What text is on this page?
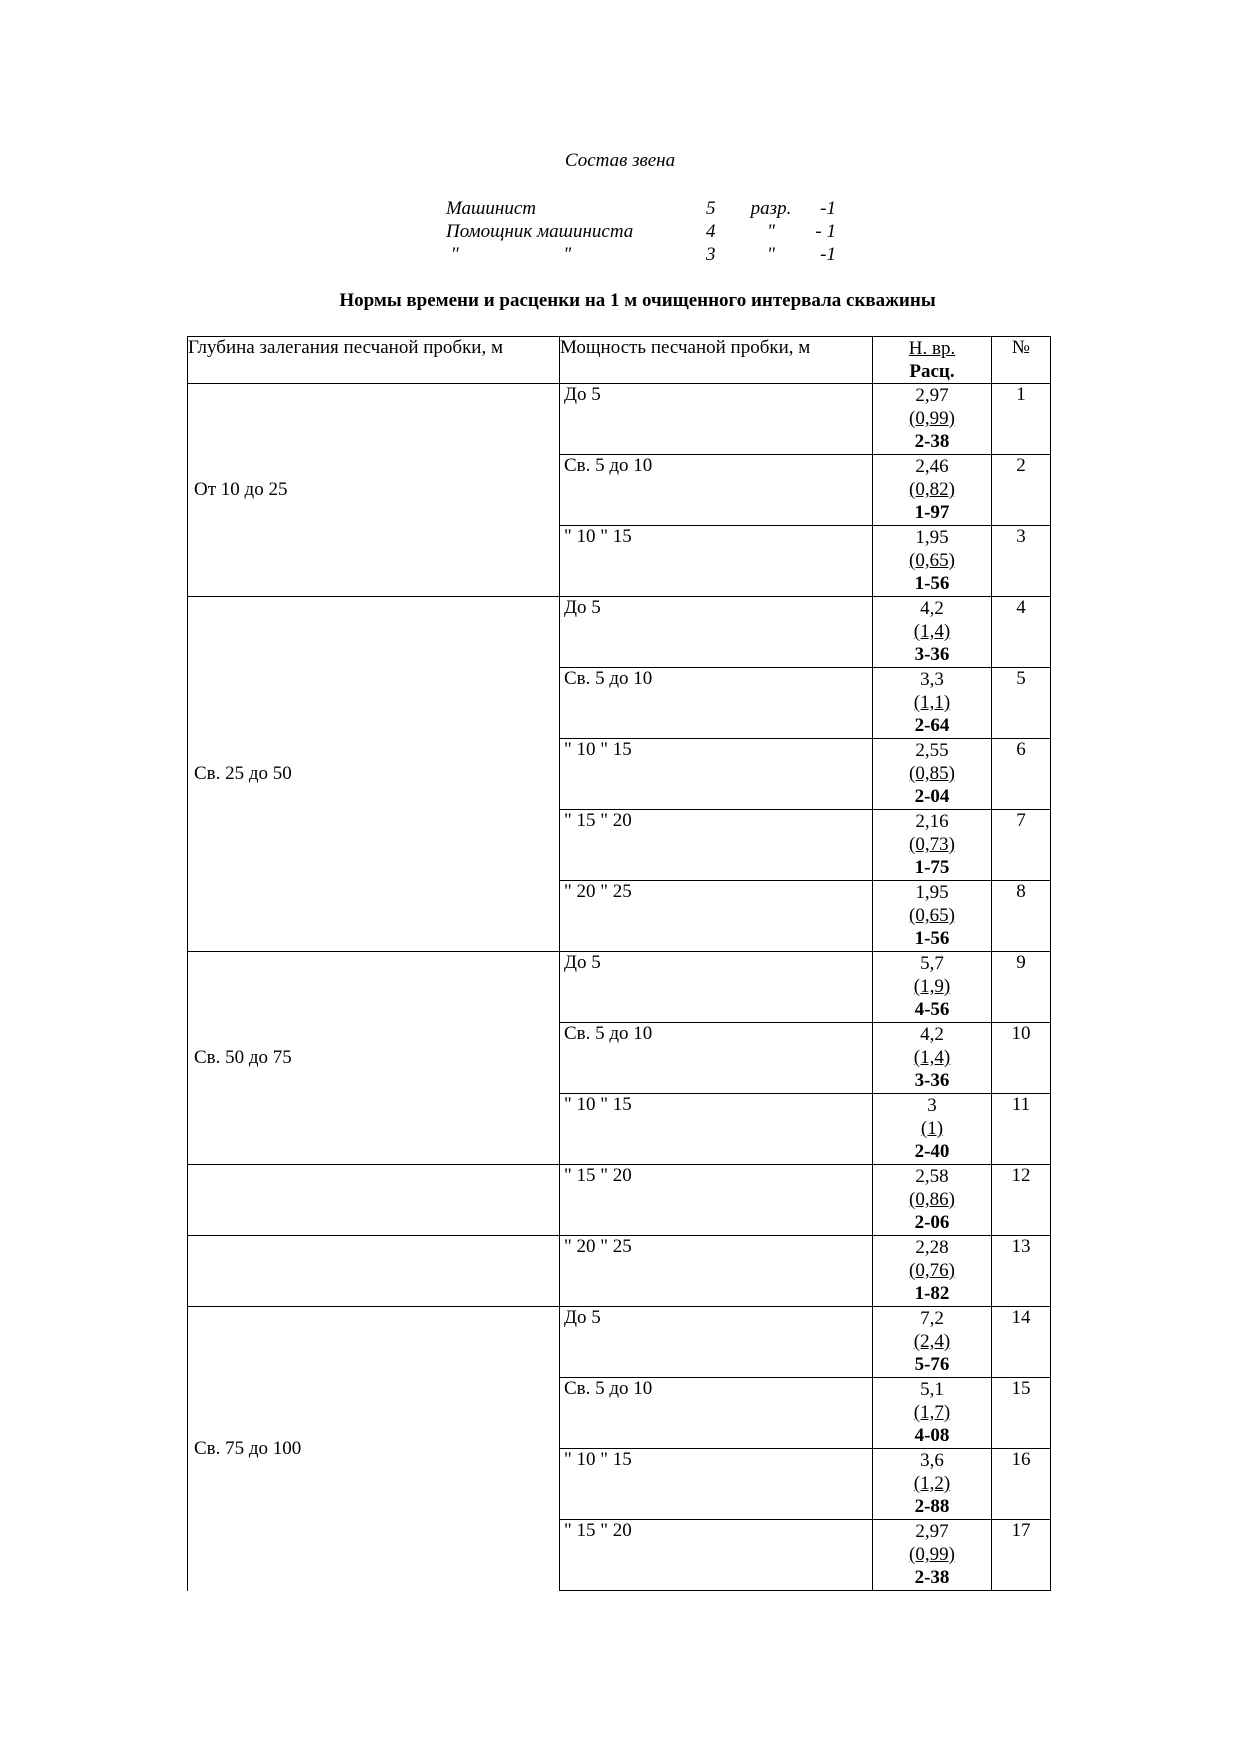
Состав звена
Машинист	5	разр.	-1
Помощник машиниста	4	"	- 1
"                      "	3	"	-1
Нормы времени и расценки на 1 м очищенного интервала скважины
Глубина залегания песчаной пробки, м	Мощность песчаной пробки, м	Н. вр.
Расц.	№
От 10 до 25	До 5	2,97
(0,99)
2-38	1
	Св. 5 до 10	2,46
(0,82)
1-97	2
	" 10 " 15	1,95
(0,65)
1-56	3
Св. 25 до 50	До 5	4,2
(1,4)
3-36	4
	Св. 5 до 10	3,3
(1,1)
2-64	5
	" 10 " 15	2,55
(0,85)
2-04	6
	" 15 " 20	2,16
(0,73)
1-75	7
	" 20 " 25	1,95
(0,65)
1-56	8
Св. 50 до 75	До 5	5,7
(1,9)
4-56	9
	Св. 5 до 10	4,2
(1,4)
3-36	10
	" 10 " 15	3
(1)
2-40	11
	" 15 " 20	2,58
(0,86)
2-06	12
	" 20 " 25	2,28
(0,76)
1-82	13
Св. 75 до 100	До 5	7,2
(2,4)
5-76	14
	Св. 5 до 10	5,1
(1,7)
4-08	15
	" 10 " 15	3,6
(1,2)
2-88	16
	" 15 " 20	2,97
(0,99)
2-38	17
